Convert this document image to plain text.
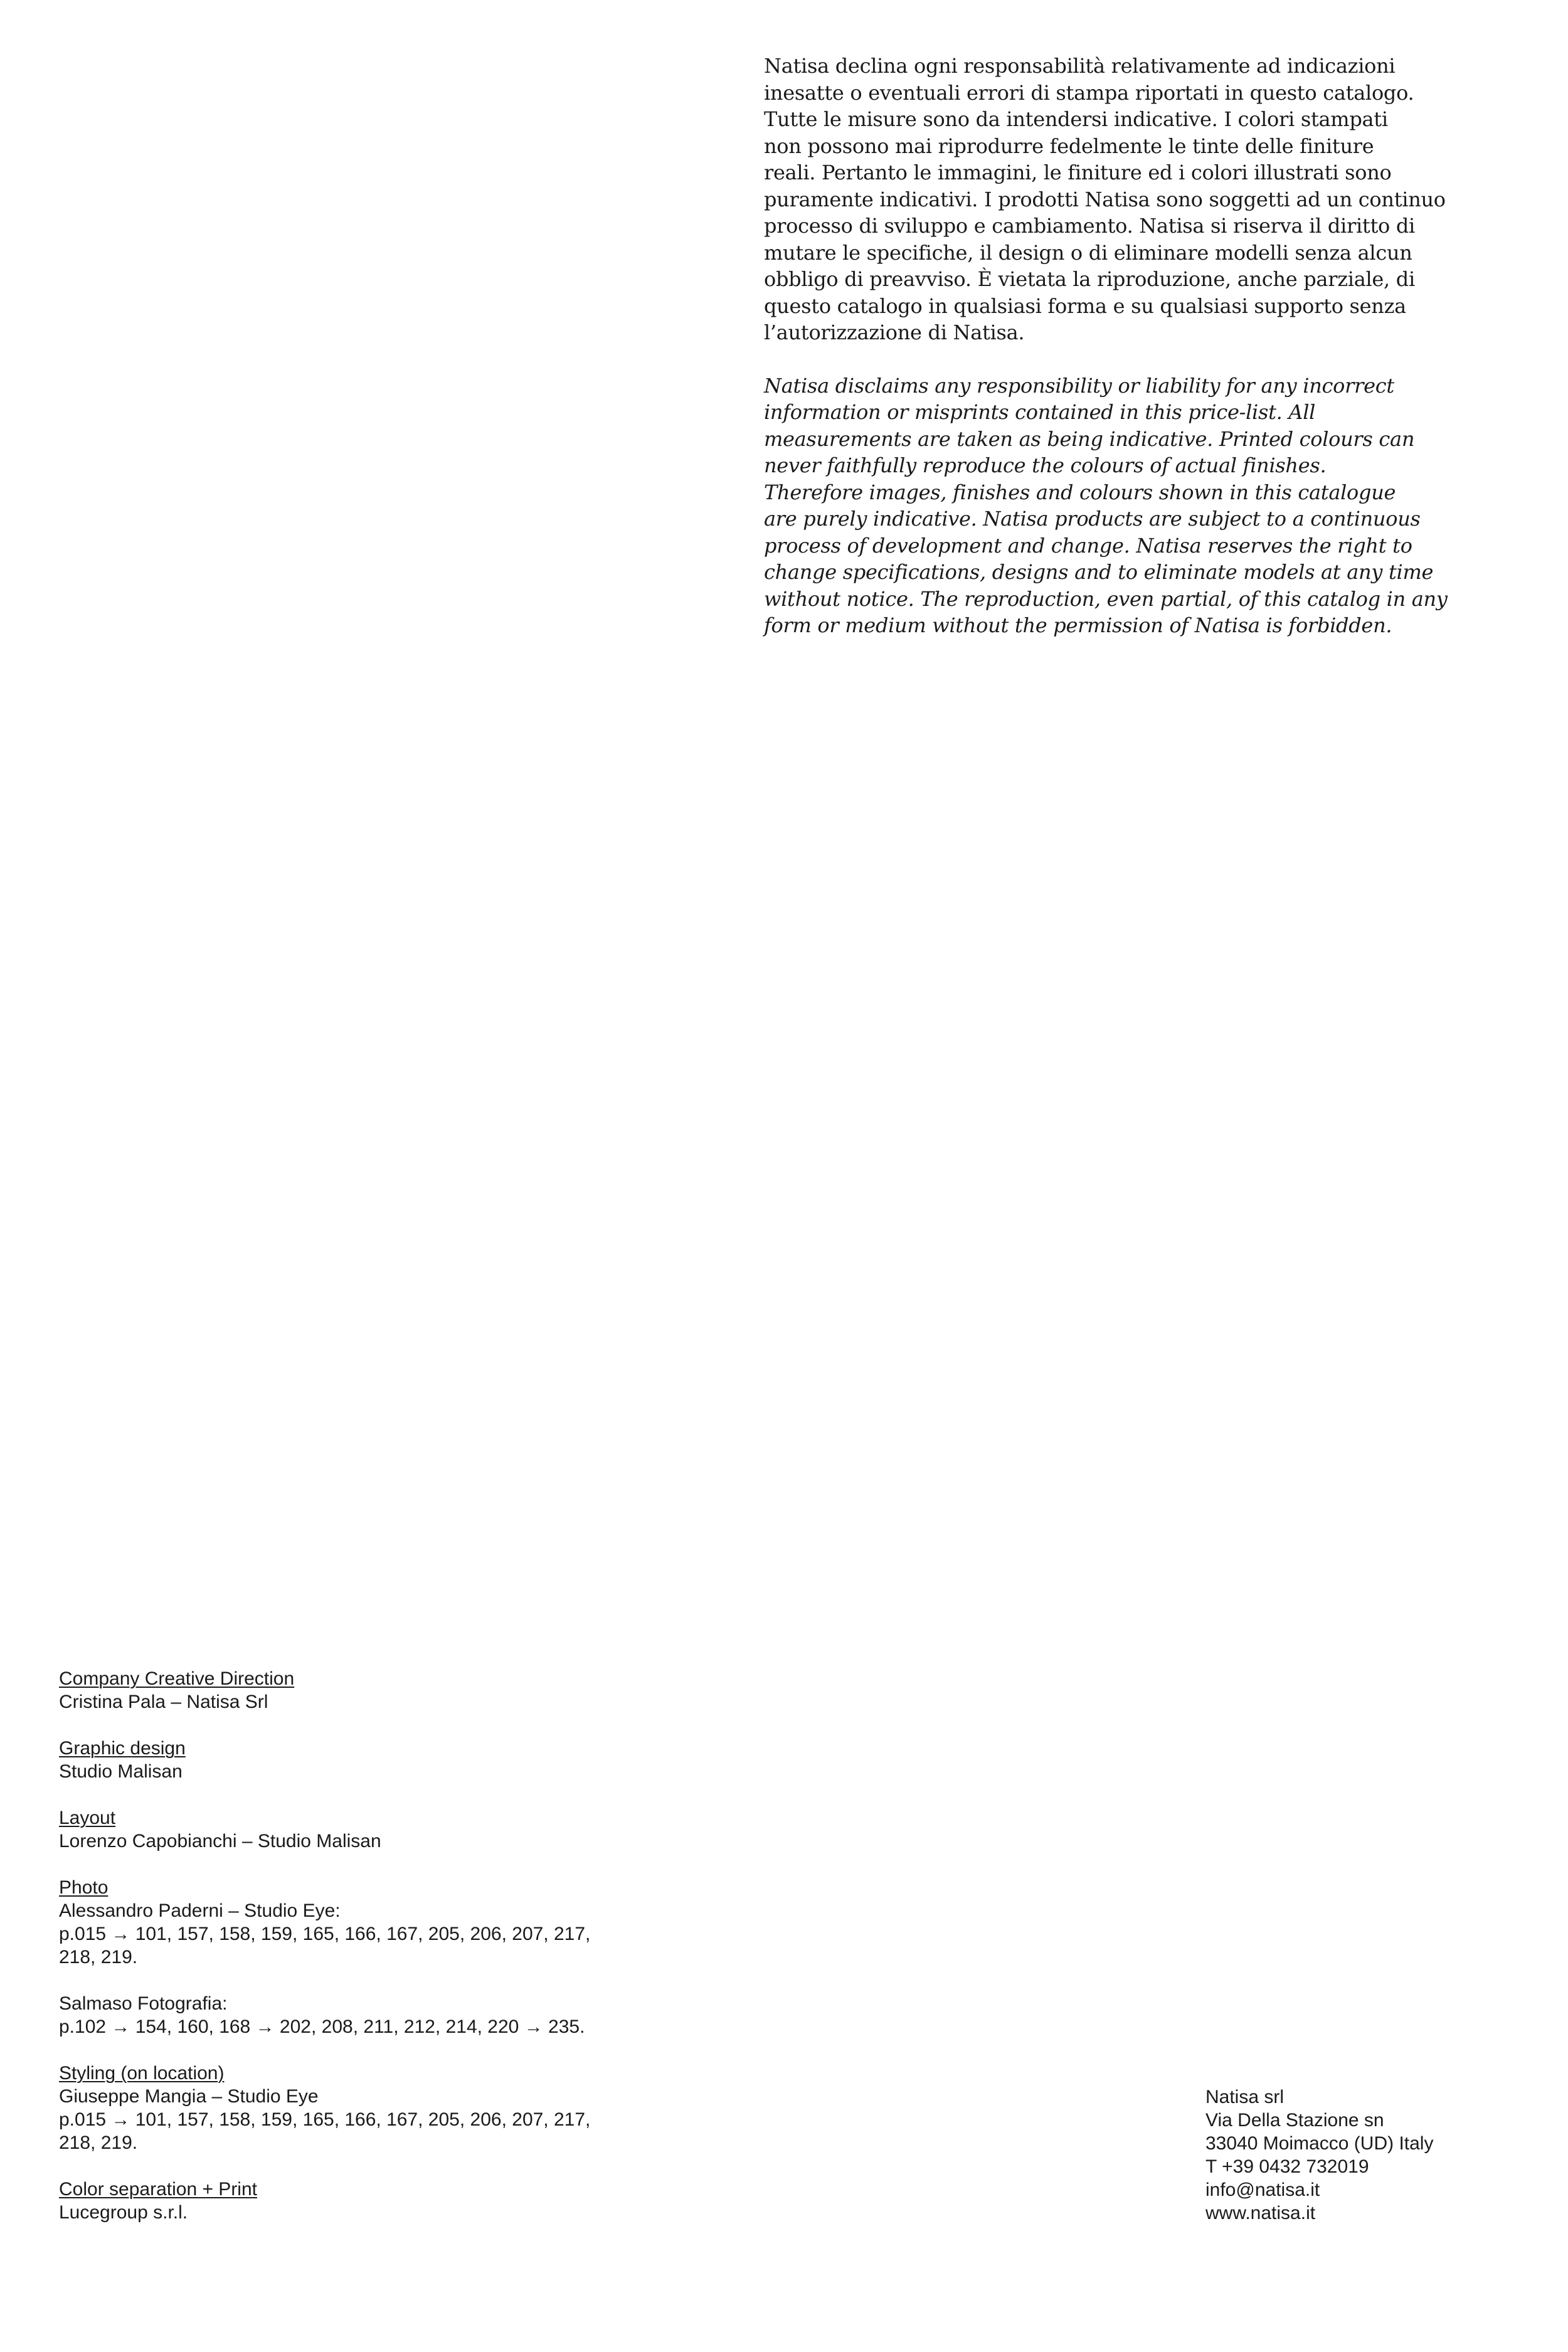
Natisa declina ogni responsabilità relativamente ad indicazioni
inesatte o eventuali errori di stampa riportati in questo catalogo.
Tutte le misure sono da intendersi indicative. I colori stampati
non possono mai riprodurre fedelmente le tinte delle finiture
reali. Pertanto le immagini, le finiture ed i colori illustrati sono
puramente indicativi. I prodotti Natisa sono soggetti ad un continuo
processo di sviluppo e cambiamento. Natisa si riserva il diritto di
mutare le specifiche, il design o di eliminare modelli senza alcun
obbligo di preavviso. È vietata la riproduzione, anche parziale, di
questo catalogo in qualsiasi forma e su qualsiasi supporto senza
l’autorizzazione di Natisa.

Natisa disclaims any responsibility or liability for any incorrect
information or misprints contained in this price-list. All
measurements are taken as being indicative. Printed colours can
never faithfully reproduce the colours of actual finishes.
Therefore images, finishes and colours shown in this catalogue
are purely indicative. Natisa products are subject to a continuous
process of development and change. Natisa reserves the right to
change specifications, designs and to eliminate models at any time
without notice. The reproduction, even partial, of this catalog in any
form or medium without the permission of Natisa is forbidden.

Company Creative Direction
Cristina Pala – Natisa Srl
Graphic design
Studio Malisan
Layout
Lorenzo Capobianchi – Studio Malisan
Photo
Alessandro Paderni – Studio Eye:
p.015 → 101, 157, 158, 159, 165, 166, 167, 205, 206, 207, 217,
218, 219.
Salmaso Fotografia:
p.102 → 154, 160, 168 → 202, 208, 211, 212, 214, 220 → 235.
Styling (on location)
Giuseppe Mangia – Studio Eye
p.015 → 101, 157, 158, 159, 165, 166, 167, 205, 206, 207, 217,
218, 219.
Color separation + Print
Lucegroup s.r.l.
Natisa srl
Via Della Stazione sn
33040 Moimacco (UD) Italy
T +39 0432 732019
info@natisa.it
www.natisa.it
